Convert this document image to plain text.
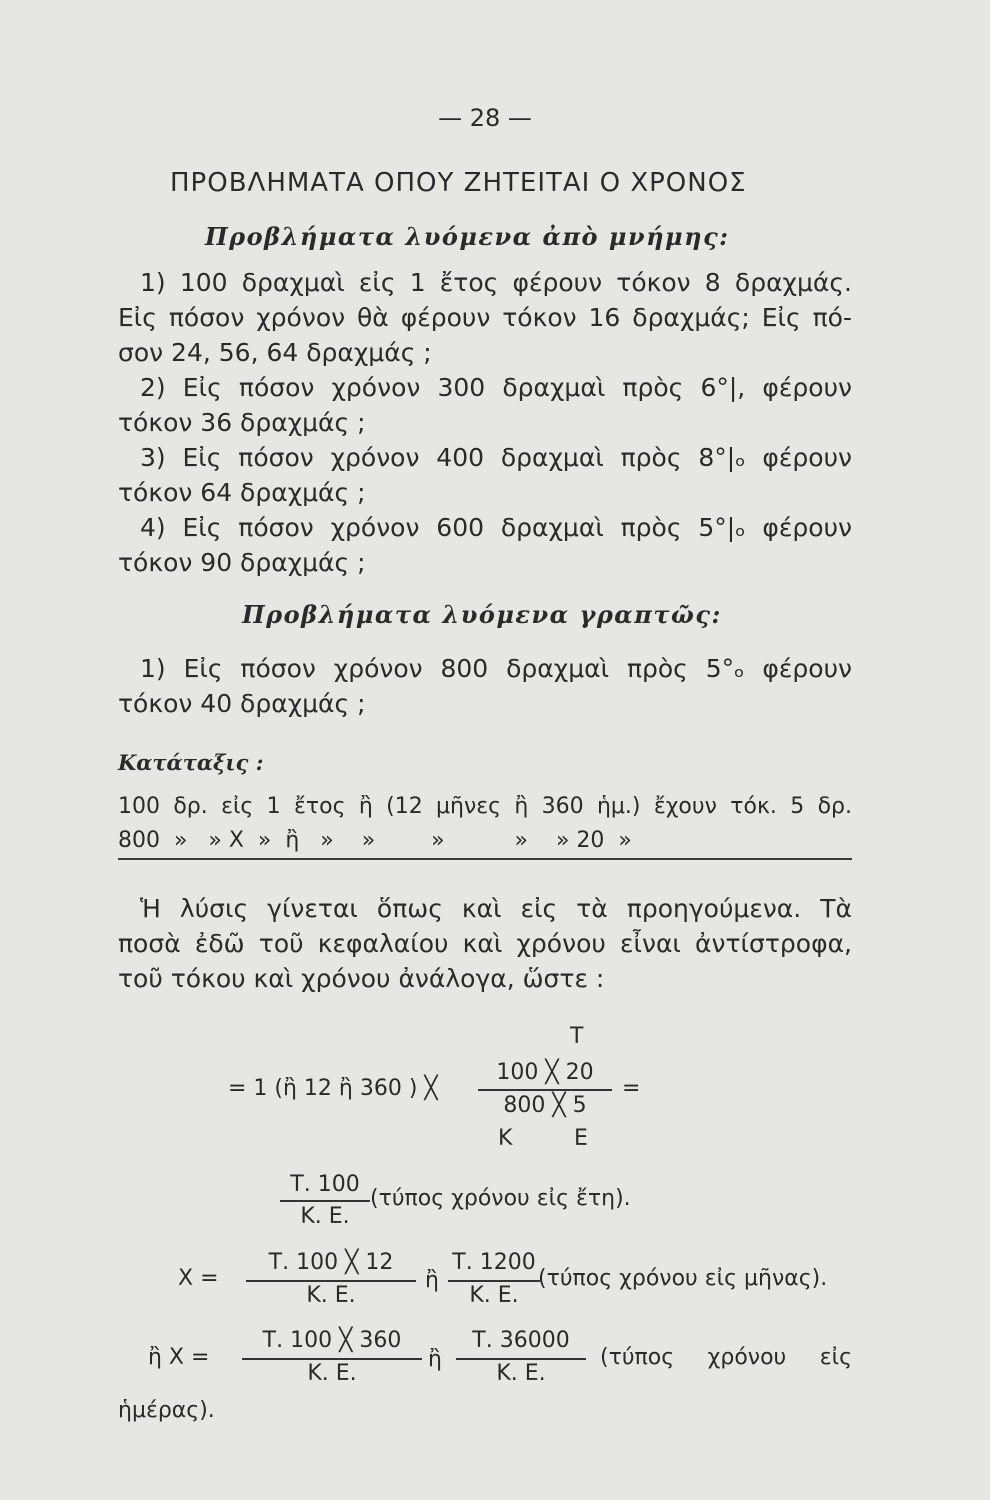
— 28 —
ΠΡΟΒΛΗΜΑΤΑ ΟΠΟΥ ΖΗΤΕΙΤΑΙ Ο ΧΡΟΝΟΣ
Προβλήματα λυόμενα ἀπὸ μνήμης:
1) 100 δραχμαὶ εἰς 1 ἔτος φέρουν τόκον 8 δραχμάς.
Εἰς πόσον χρόνον θὰ φέρουν τόκον 16 δραχμάς; Εἰς πό-
σον 24, 56, 64 δραχμάς ;
2) Εἰς πόσον χρόνον 300 δραχμαὶ πρὸς 6°|, φέρουν
τόκον 36 δραχμάς ;
3) Εἰς πόσον χρόνον 400 δραχμαὶ πρὸς 8°|ₒ φέρουν
τόκον 64 δραχμάς ;
4) Εἰς πόσον χρόνον 600 δραχμαὶ πρὸς 5°|ₒ φέρουν
τόκον 90 δραχμάς ;
Προβλήματα λυόμενα γραπτῶς:
1) Εἰς πόσον χρόνον 800 δραχμαὶ πρὸς 5°ₒ φέρουν
τόκον 40 δραχμάς ;
Κατάταξις :
100 δρ. εἰς 1 ἔτος ἢ (12 μῆνες ἢ 360 ἡμ.) ἔχουν τόκ. 5 δρ.
800  »   » Χ  »  ἢ   »    »        »          »    » 20  »
Ἡ λύσις γίνεται ὅπως καὶ εἰς τὰ προηγούμενα. Τὰ
ποσὰ ἐδῶ τοῦ κεφαλαίου καὶ χρόνου εἶναι ἀντίστροφα,
τοῦ τόκου καὶ χρόνου ἀνάλογα, ὥστε :
Τ
= 1 (ἢ 12 ἢ 360 ) ╳
100 ╳ 20
800 ╳ 5
=
Κ	Ε
Τ. 100
Κ. Ε.
(τύπος χρόνου εἰς ἔτη).
Χ =
Τ. 100 ╳ 12
Κ. Ε.
ἢ
Τ. 1200
Κ. Ε.
(τύπος χρόνου εἰς μῆνας).
ἢ Χ =
Τ. 100 ╳ 360
Κ. Ε.
ἢ
Τ. 36000
Κ. Ε.
(τύπος χρόνου εἰς
ἡμέρας).
